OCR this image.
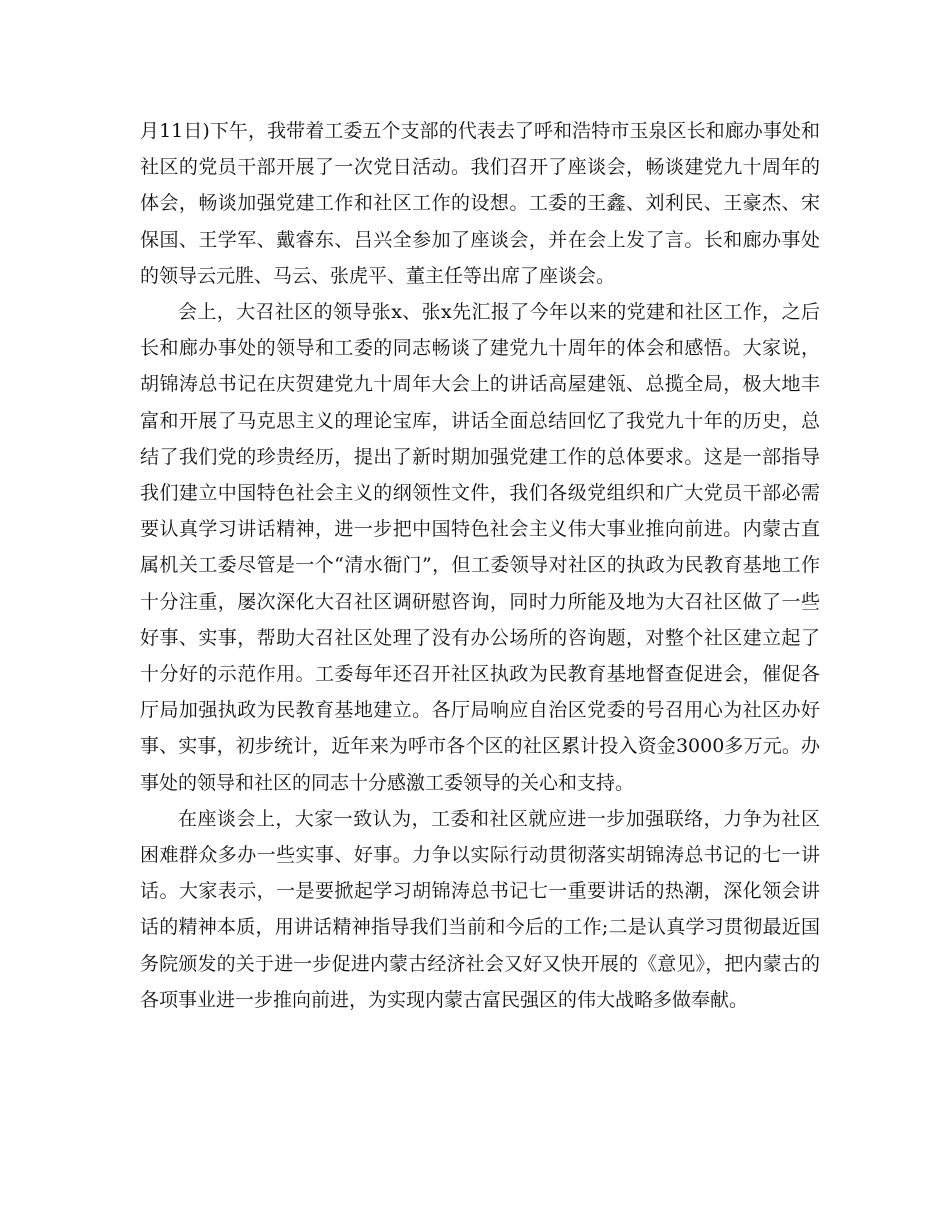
月11日)下午，我带着工委五个支部的代表去了呼和浩特市玉泉区长和廊办事处和社区的党员干部开展了一次党日活动。我们召开了座谈会，畅谈建党九十周年的体会，畅谈加强党建工作和社区工作的设想。工委的王鑫、刘利民、王豪杰、宋保国、王学军、戴睿东、吕兴全参加了座谈会，并在会上发了言。长和廊办事处的领导云元胜、马云、张虎平、董主任等出席了座谈会。

会上，大召社区的领导张x、张x先汇报了今年以来的党建和社区工作，之后长和廊办事处的领导和工委的同志畅谈了建党九十周年的体会和感悟。大家说，胡锦涛总书记在庆贺建党九十周年大会上的讲话高屋建瓴、总揽全局，极大地丰富和开展了马克思主义的理论宝库，讲话全面总结回忆了我党九十年的历史，总结了我们党的珍贵经历，提出了新时期加强党建工作的总体要求。这是一部指导我们建立中国特色社会主义的纲领性文件，我们各级党组织和广大党员干部必需要认真学习讲话精神，进一步把中国特色社会主义伟大事业推向前进。内蒙古直属机关工委尽管是一个“清水衙门”，但工委领导对社区的执政为民教育基地工作十分注重，屡次深化大召社区调研慰咨询，同时力所能及地为大召社区做了一些好事、实事，帮助大召社区处理了没有办公场所的咨询题，对整个社区建立起了十分好的示范作用。工委每年还召开社区执政为民教育基地督查促进会，催促各厅局加强执政为民教育基地建立。各厅局响应自治区党委的号召用心为社区办好事、实事，初步统计，近年来为呼市各个区的社区累计投入资金3000多万元。办事处的领导和社区的同志十分感激工委领导的关心和支持。

在座谈会上，大家一致认为，工委和社区就应进一步加强联络，力争为社区困难群众多办一些实事、好事。力争以实际行动贯彻落实胡锦涛总书记的七一讲话。大家表示，一是要掀起学习胡锦涛总书记七一重要讲话的热潮，深化领会讲话的精神本质，用讲话精神指导我们当前和今后的工作;二是认真学习贯彻最近国务院颁发的关于进一步促进内蒙古经济社会又好又快开展的《意见》，把内蒙古的各项事业进一步推向前进，为实现内蒙古富民强区的伟大战略多做奉献。
